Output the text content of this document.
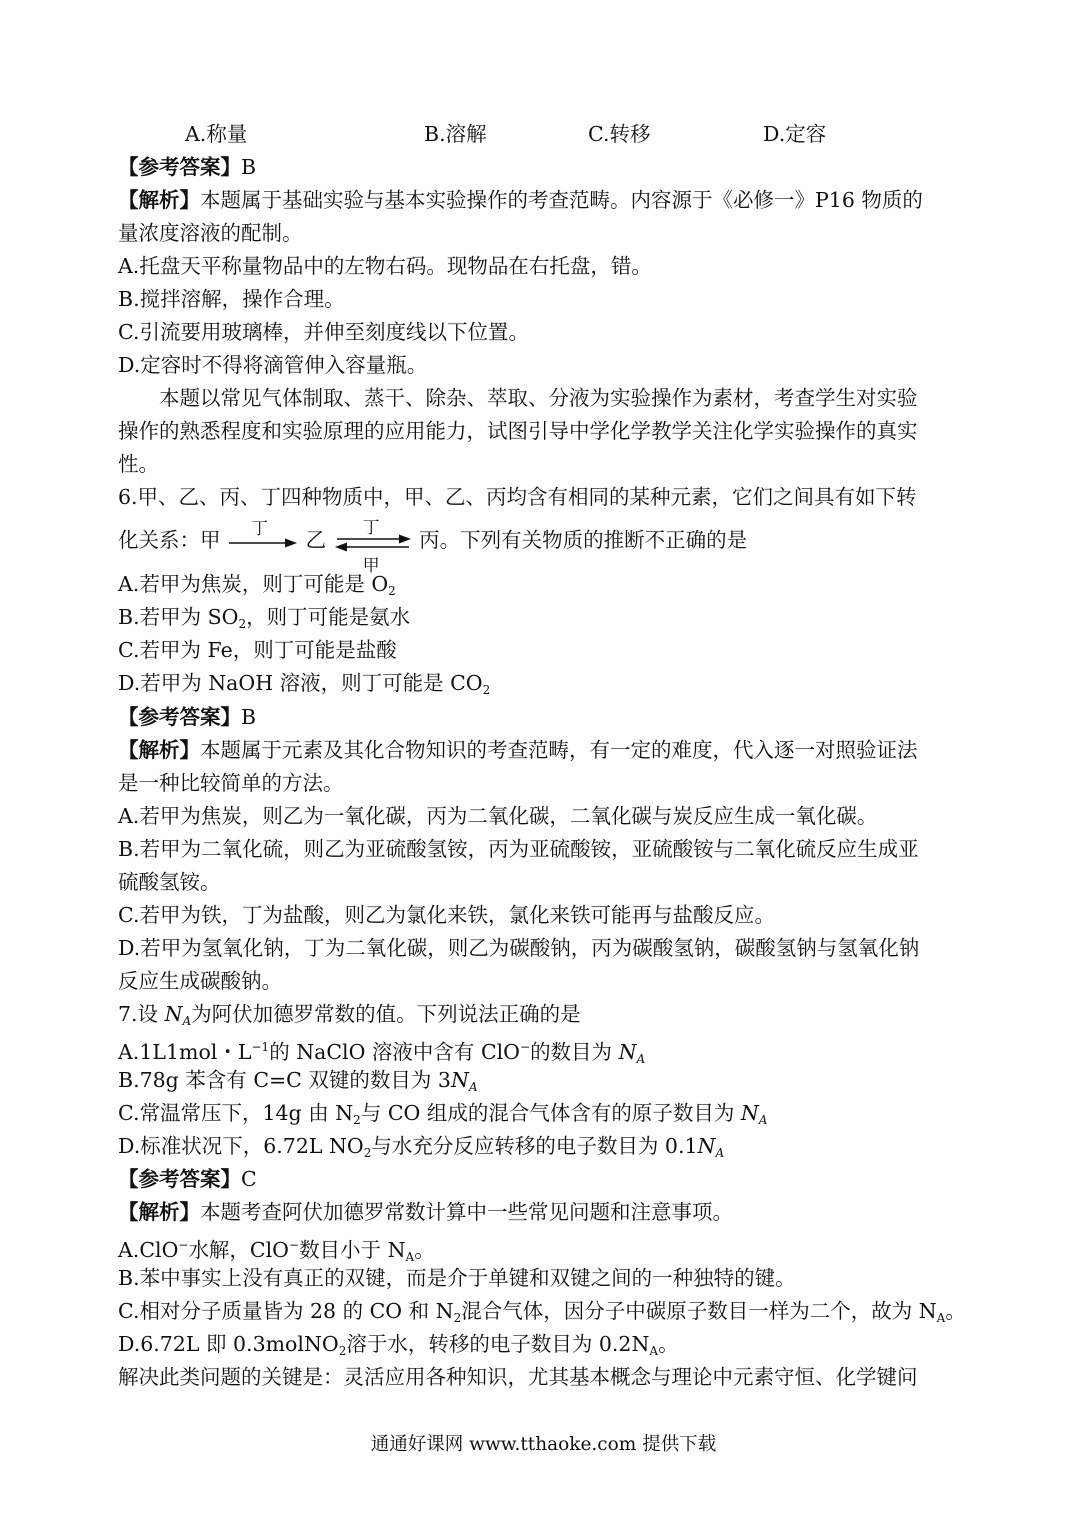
A.称量	B.溶解	C.转移	D.定容
【参考答案】B
【解析】本题属于基础实验与基本实验操作的考查范畴。内容源于《必修一》P16 物质的
量浓度溶液的配制。
A.托盘天平称量物品中的左物右码。现物品在右托盘，错。
B.搅拌溶解，操作合理。
C.引流要用玻璃棒，并伸至刻度线以下位置。
D.定容时不得将滴管伸入容量瓶。
本题以常见气体制取、蒸干、除杂、萃取、分液为实验操作为素材，考查学生对实验
操作的熟悉程度和实验原理的应用能力，试图引导中学化学教学关注化学实验操作的真实
性。
6.甲、乙、丙、丁四种物质中，甲、乙、丙均含有相同的某种元素，它们之间具有如下转
化关系：甲 丁 乙
丁
甲
丙。下列有关物质的推断不正确的是
A.若甲为焦炭，则丁可能是 $O_2$
B.若甲为 $SO_2$，则丁可能是氨水
C.若甲为 Fe，则丁可能是盐酸
D.若甲为 NaOH 溶液，则丁可能是 $CO_2$
【参考答案】B
【解析】本题属于元素及其化合物知识的考查范畴，有一定的难度，代入逐一对照验证法
是一种比较简单的方法。
A.若甲为焦炭，则乙为一氧化碳，丙为二氧化碳，二氧化碳与炭反应生成一氧化碳。
B.若甲为二氧化硫，则乙为亚硫酸氢铵，丙为亚硫酸铵，亚硫酸铵与二氧化硫反应生成亚
硫酸氢铵。
C.若甲为铁，丁为盐酸，则乙为氯化来铁，氯化来铁可能再与盐酸反应。
D.若甲为氢氧化钠，丁为二氧化碳，则乙为碳酸钠，丙为碳酸氢钠，碳酸氢钠与氢氧化钠
反应生成碳酸钠。
7.设 $N_A$为阿伏加德罗常数的值。下列说法正确的是
A.1L1mol・$L^{-1}$的 NaClO 溶液中含有 ClO−的数目为 $N_A$
B.78g 苯含有 C=C 双键的数目为 $3N_A$
C.常温常压下，14g 由 $N_2$与 CO 组成的混合气体含有的原子数目为 $N_A$
D.标准状况下，6.72L $NO_2$与水充分反应转移的电子数目为 $0.1N_A$
【参考答案】C
【解析】本题考查阿伏加德罗常数计算中一些常见问题和注意事项。
A.ClO−水解，ClO−数目小于 $N_A$。
B.苯中事实上没有真正的双键，而是介于单键和双键之间的一种独特的键。
C.相对分子质量皆为 28 的 CO 和 $N_2$混合气体，因分子中碳原子数目一样为二个，故为 $N_A$。
D.6.72L 即 0.3molNO$_2$溶于水，转移的电子数目为 $0.2N_A$。
解决此类问题的关键是：灵活应用各种知识，尤其基本概念与理论中元素守恒、化学键问
通通好课网 www.tthaoke.com 提供下载
